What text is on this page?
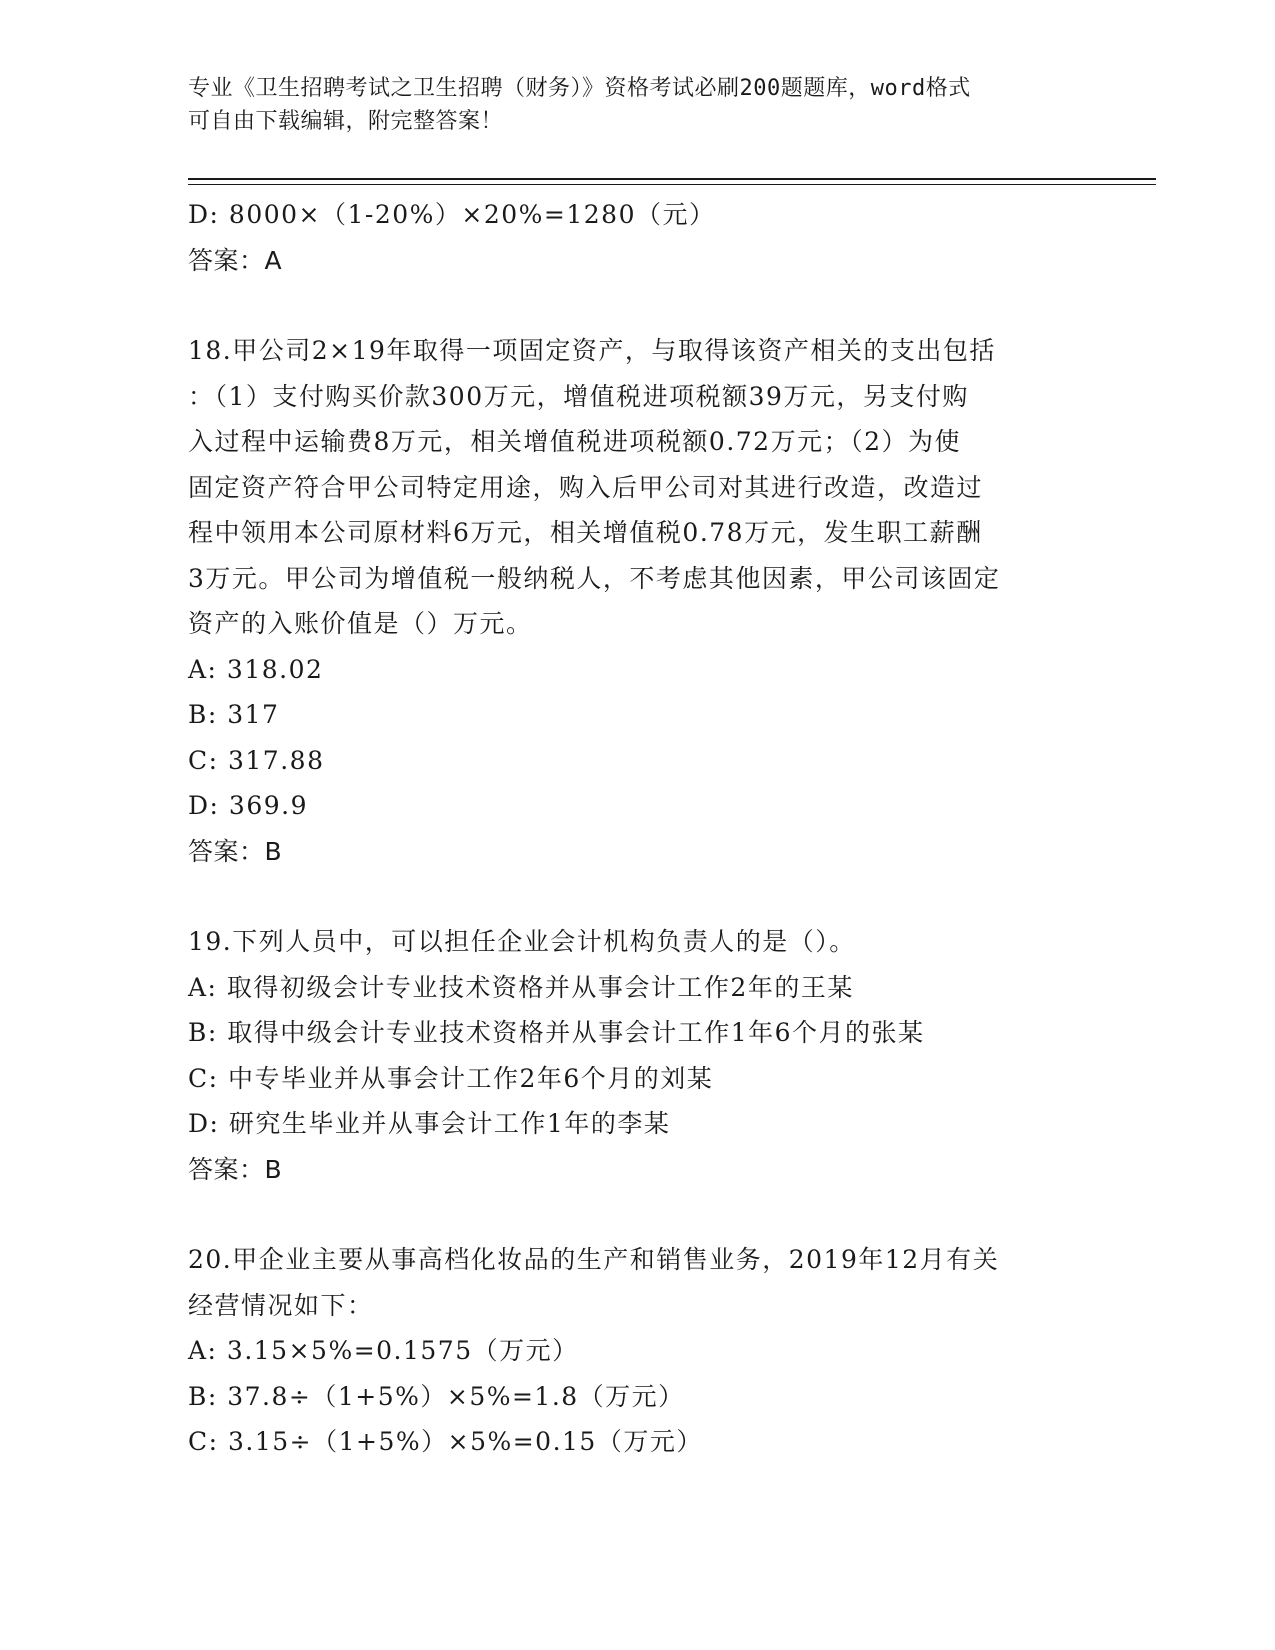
专业《卫生招聘考试之卫生招聘（财务）》资格考试必刷200题题库，word格式
可自由下载编辑，附完整答案！
D: 8000×（1-20%）×20%=1280（元）
答案：A
18.甲公司2×19年取得一项固定资产，与取得该资产相关的支出包括
：（1）支付购买价款300万元，增值税进项税额39万元，另支付购
入过程中运输费8万元，相关增值税进项税额0.72万元；（2）为使
固定资产符合甲公司特定用途，购入后甲公司对其进行改造，改造过
程中领用本公司原材料6万元，相关增值税0.78万元，发生职工薪酬
3万元。甲公司为增值税一般纳税人，不考虑其他因素，甲公司该固定
资产的入账价值是（）万元。
A: 318.02
B: 317
C: 317.88
D: 369.9
答案：B
19.下列人员中，可以担任企业会计机构负责人的是（）。
A: 取得初级会计专业技术资格并从事会计工作2年的王某
B: 取得中级会计专业技术资格并从事会计工作1年6个月的张某
C: 中专毕业并从事会计工作2年6个月的刘某
D: 研究生毕业并从事会计工作1年的李某
答案：B
20.甲企业主要从事高档化妆品的生产和销售业务，2019年12月有关
经营情况如下：
A: 3.15×5%=0.1575（万元）
B: 37.8÷（1+5%）×5%=1.8（万元）
C: 3.15÷（1+5%）×5%=0.15（万元）
